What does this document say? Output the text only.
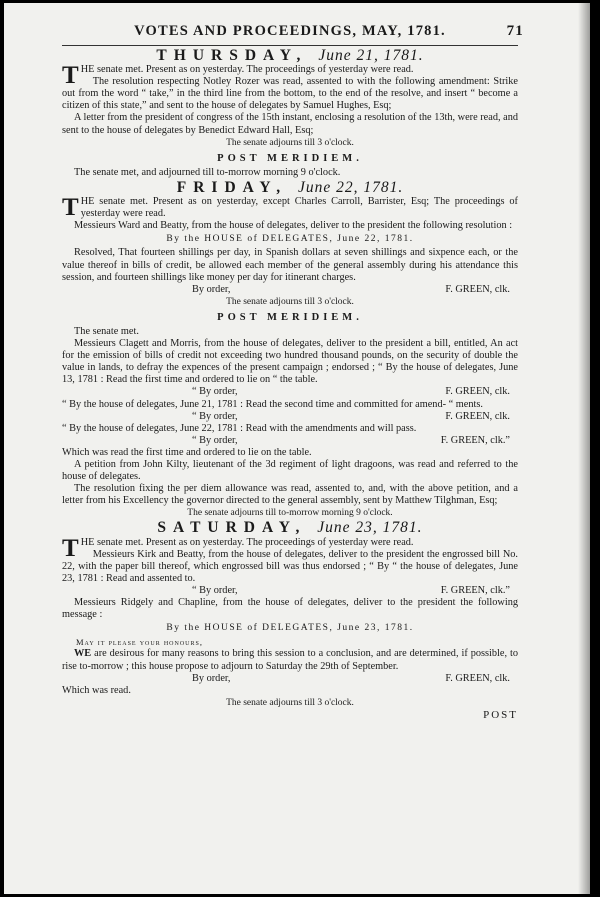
VOTES AND PROCEEDINGS, MAY, 1781.	71
THURSDAY, June 21, 1781.

THE senate met. Present as on yesterday. The proceedings of yesterday were read.

The resolution respecting Notley Rozer was read, assented to with the following amendment: Strike out from the word “ take,” in the third line from the bottom, to the end of the resolve, and insert “ become a citizen of this state,” and sent to the house of delegates by Samuel Hughes, Esq;

A letter from the president of congress of the 15th instant, enclosing a resolution of the 13th, were read, and sent to the house of delegates by Benedict Edward Hall, Esq;

The senate adjourns till 3 o'clock.
POST MERIDIEM.

The senate met, and adjourned till to-morrow morning 9 o'clock.

FRIDAY, June 22, 1781.

THE senate met. Present as on yesterday, except Charles Carroll, Barrister, Esq; The proceedings of yesterday were read.

Messieurs Ward and Beatty, from the house of delegates, deliver to the president the following resolution :

By the HOUSE of DELEGATES, June 22, 1781.

Resolved, That fourteen shillings per day, in Spanish dollars at seven shillings and sixpence each, or the value thereof in bills of credit, be allowed each member of the general assembly during his attendance this session, and fourteen shillings like money per day for itinerant charges.

By order,	F. GREEN, clk.
The senate adjourns till 3 o'clock.
POST MERIDIEM.

The senate met.

Messieurs Clagett and Morris, from the house of delegates, deliver to the president a bill, entitled, An act for the emission of bills of credit not exceeding two hundred thousand pounds, on the security of double the value in lands, to defray the expences of the present campaign ; endorsed ; “ By the house of delegates, June 13, 1781 : Read the first time and ordered to lie on “ the table.

“ By order,	F. GREEN, clk.

“ By the house of delegates, June 21, 1781 : Read the second time and committed for amend- “ ments.

“ By order,	F. GREEN, clk.

“ By the house of delegates, June 22, 1781 : Read with the amendments and will pass.

“ By order,	F. GREEN, clk.”

Which was read the first time and ordered to lie on the table.

A petition from John Kilty, lieutenant of the 3d regiment of light dragoons, was read and referred to the house of delegates.

The resolution fixing the per diem allowance was read, assented to, and, with the above petition, and a letter from his Excellency the governor directed to the general assembly, sent by Matthew Tilghman, Esq;

The senate adjourns till to-morrow morning 9 o'clock.
SATURDAY, June 23, 1781.

THE senate met. Present as on yesterday. The proceedings of yesterday were read.

Messieurs Kirk and Beatty, from the house of delegates, deliver to the president the engrossed bill No. 22, with the paper bill thereof, which engrossed bill was thus endorsed ; “ By “ the house of delegates, June 23, 1781 : Read and assented to.

“ By order,	F. GREEN, clk.”

Messieurs Ridgely and Chapline, from the house of delegates, deliver to the president the following message :

By the HOUSE of DELEGATES, June 23, 1781.
May it please your honours,

WE are desirous for many reasons to bring this session to a conclusion, and are determined, if possible, to rise to-morrow ; this house propose to adjourn to Saturday the 29th of September.

By order,	F. GREEN, clk.

Which was read.

The senate adjourns till 3 o'clock.
POST
